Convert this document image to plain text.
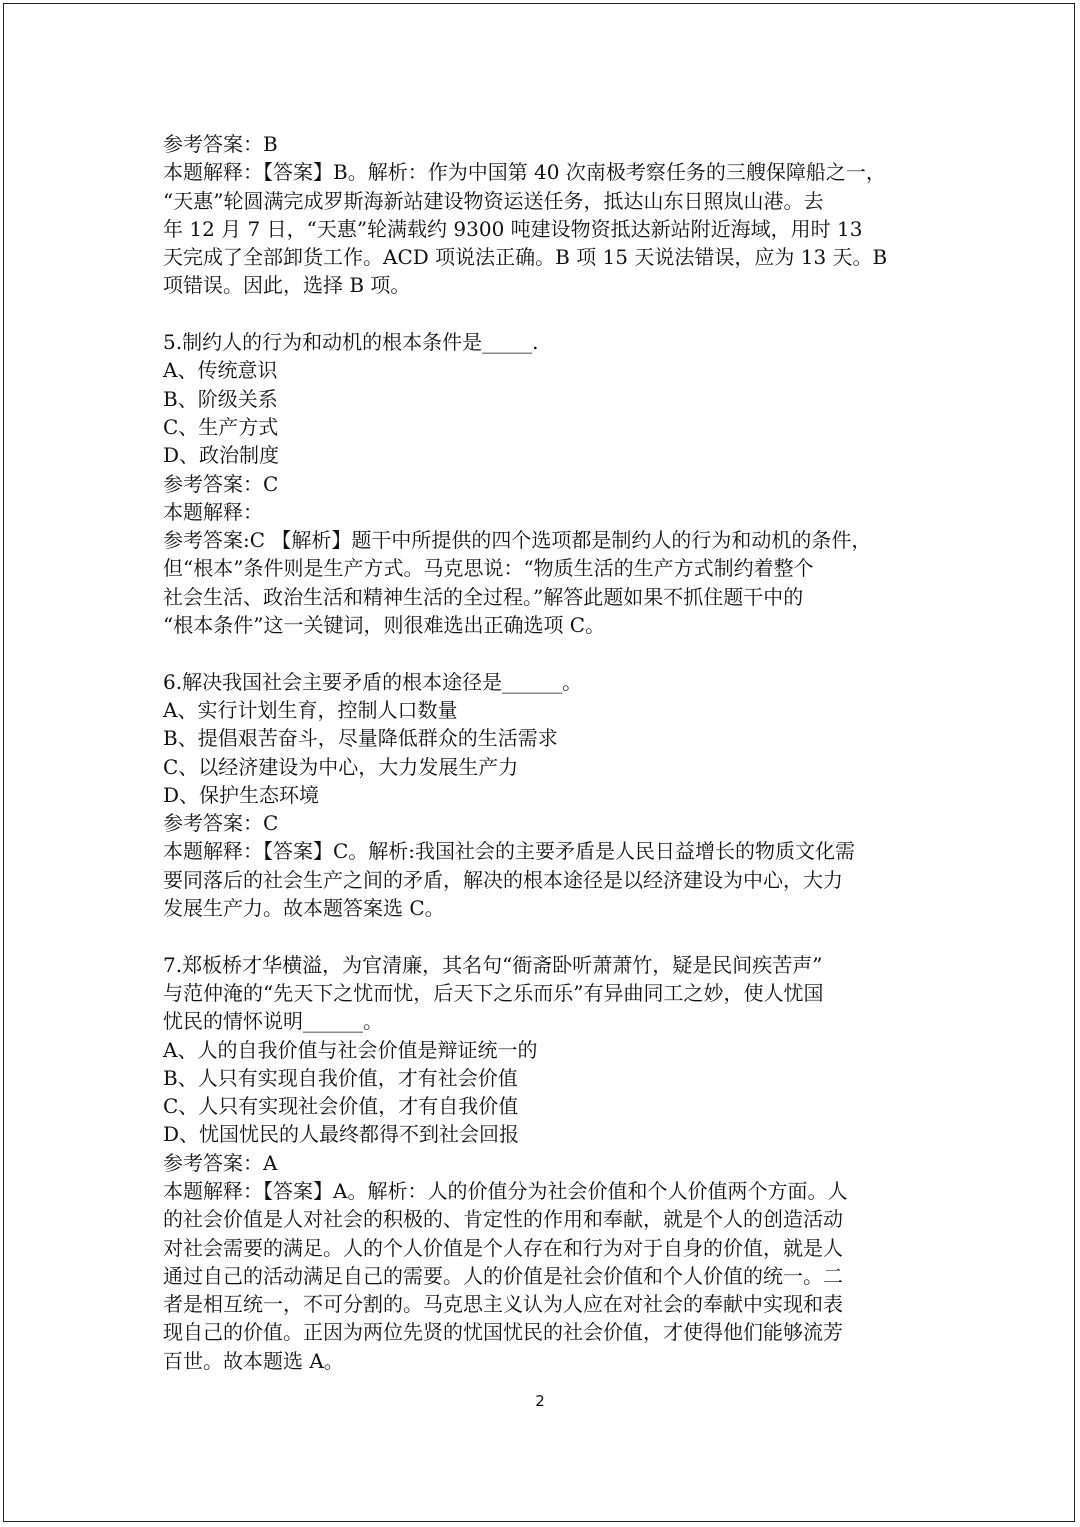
参考答案：B
本题解释：【答案】B。解析：作为中国第 40 次南极考察任务的三艘保障船之一，
“天惠”轮圆满完成罗斯海新站建设物资运送任务，抵达山东日照岚山港。去
年 12 月 7 日，“天惠”轮满载约 9300 吨建设物资抵达新站附近海域，用时 13
天完成了全部卸货工作。ACD 项说法正确。B 项 15 天说法错误，应为 13 天。B
项错误。因此，选择 B 项。
5.制约人的行为和动机的根本条件是_____.
A、传统意识
B、阶级关系
C、生产方式
D、政治制度
参考答案：C
本题解释：
参考答案:C 【解析】题干中所提供的四个选项都是制约人的行为和动机的条件，
但“根本”条件则是生产方式。马克思说：“物质生活的生产方式制约着整个
社会生活、政治生活和精神生活的全过程。”解答此题如果不抓住题干中的
“根本条件”这一关键词，则很难选出正确选项 C。
6.解决我国社会主要矛盾的根本途径是______。
A、实行计划生育，控制人口数量
B、提倡艰苦奋斗，尽量降低群众的生活需求
C、以经济建设为中心，大力发展生产力
D、保护生态环境
参考答案：C
本题解释：【答案】C。解析:我国社会的主要矛盾是人民日益增长的物质文化需
要同落后的社会生产之间的矛盾，解决的根本途径是以经济建设为中心，大力
发展生产力。故本题答案选 C。
7.郑板桥才华横溢，为官清廉，其名句“衙斋卧听萧萧竹，疑是民间疾苦声”
与范仲淹的“先天下之忧而忧，后天下之乐而乐”有异曲同工之妙，使人忧国
忧民的情怀说明______。
A、人的自我价值与社会价值是辩证统一的
B、人只有实现自我价值，才有社会价值
C、人只有实现社会价值，才有自我价值
D、忧国忧民的人最终都得不到社会回报
参考答案：A
本题解释：【答案】A。解析：人的价值分为社会价值和个人价值两个方面。人
的社会价值是人对社会的积极的、肯定性的作用和奉献，就是个人的创造活动
对社会需要的满足。人的个人价值是个人存在和行为对于自身的价值，就是人
通过自己的活动满足自己的需要。人的价值是社会价值和个人价值的统一。二
者是相互统一，不可分割的。马克思主义认为人应在对社会的奉献中实现和表
现自己的价值。正因为两位先贤的忧国忧民的社会价值，才使得他们能够流芳
百世。故本题选 A。
2
